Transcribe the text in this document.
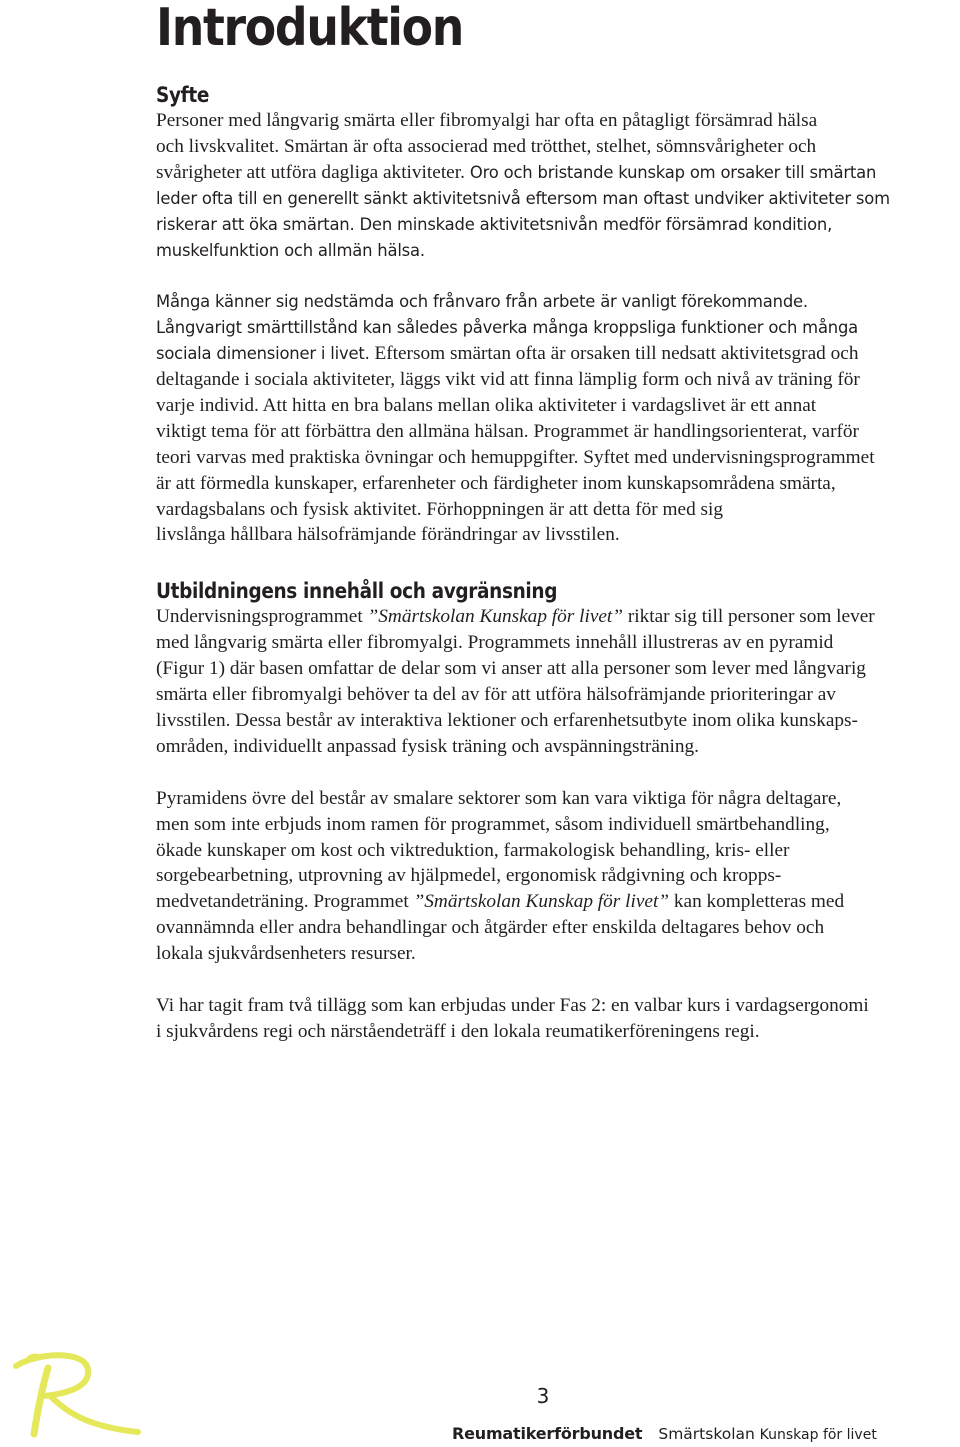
Introduktion
Syfte

Personer med långvarig smärta eller fibromyalgi har ofta en påtagligt försämrad hälsa
och livskvalitet. Smärtan är ofta associerad med trötthet, stelhet, sömnsvårigheter och
svårigheter att utföra dagliga aktiviteter. Oro och bristande kunskap om orsaker till smärtan
leder ofta till en generellt sänkt aktivitetsnivå eftersom man oftast undviker aktiviteter som
riskerar att öka smärtan. Den minskade aktivitetsnivån medför försämrad kondition,
muskelfunktion och allmän hälsa.

Många känner sig nedstämda och frånvaro från arbete är vanligt förekommande.
Långvarigt smärttillstånd kan således påverka många kroppsliga funktioner och många
sociala dimensioner i livet. Eftersom smärtan ofta är orsaken till nedsatt aktivitetsgrad och
deltagande i sociala aktiviteter, läggs vikt vid att finna lämplig form och nivå av träning för
varje individ. Att hitta en bra balans mellan olika aktiviteter i vardagslivet är ett annat
viktigt tema för att förbättra den allmäna hälsan. Programmet är handlingsorienterat, varför
teori varvas med praktiska övningar och hemuppgifter. Syftet med undervisningsprogrammet
är att förmedla kunskaper, erfarenheter och färdigheter inom kunskapsområdena smärta,
vardagsbalans och fysisk aktivitet. Förhoppningen är att detta för med sig
livslånga hållbara hälsofrämjande förändringar av livsstilen.

Utbildningens innehåll och avgränsning

Undervisningsprogrammet ”Smärtskolan Kunskap för livet” riktar sig till personer som lever
med långvarig smärta eller fibromyalgi. Programmets innehåll illustreras av en pyramid
(Figur 1) där basen omfattar de delar som vi anser att alla personer som lever med långvarig
smärta eller fibromyalgi behöver ta del av för att utföra hälsofrämjande prioriteringar av
livsstilen. Dessa består av interaktiva lektioner och erfarenhetsutbyte inom olika kunskaps-
områden, individuellt anpassad fysisk träning och avspänningsträning.

Pyramidens övre del består av smalare sektorer som kan vara viktiga för några deltagare,
men som inte erbjuds inom ramen för programmet, såsom individuell smärtbehandling,
ökade kunskaper om kost och viktreduktion, farmakologisk behandling, kris- eller
sorgebearbetning, utprovning av hjälpmedel, ergonomisk rådgivning och kropps-
medvetandeträning. Programmet ”Smärtskolan Kunskap för livet” kan kompletteras med
ovannämnda eller andra behandlingar och åtgärder efter enskilda deltagares behov och
lokala sjukvårdsenheters resurser.

Vi har tagit fram två tillägg som kan erbjudas under Fas 2: en valbar kurs i vardagsergonomi
i sjukvårdens regi och närståendeträff i den lokala reumatikerföreningens regi.

3
Reumatikerförbundet Smärtskolan Kunskap för livet
